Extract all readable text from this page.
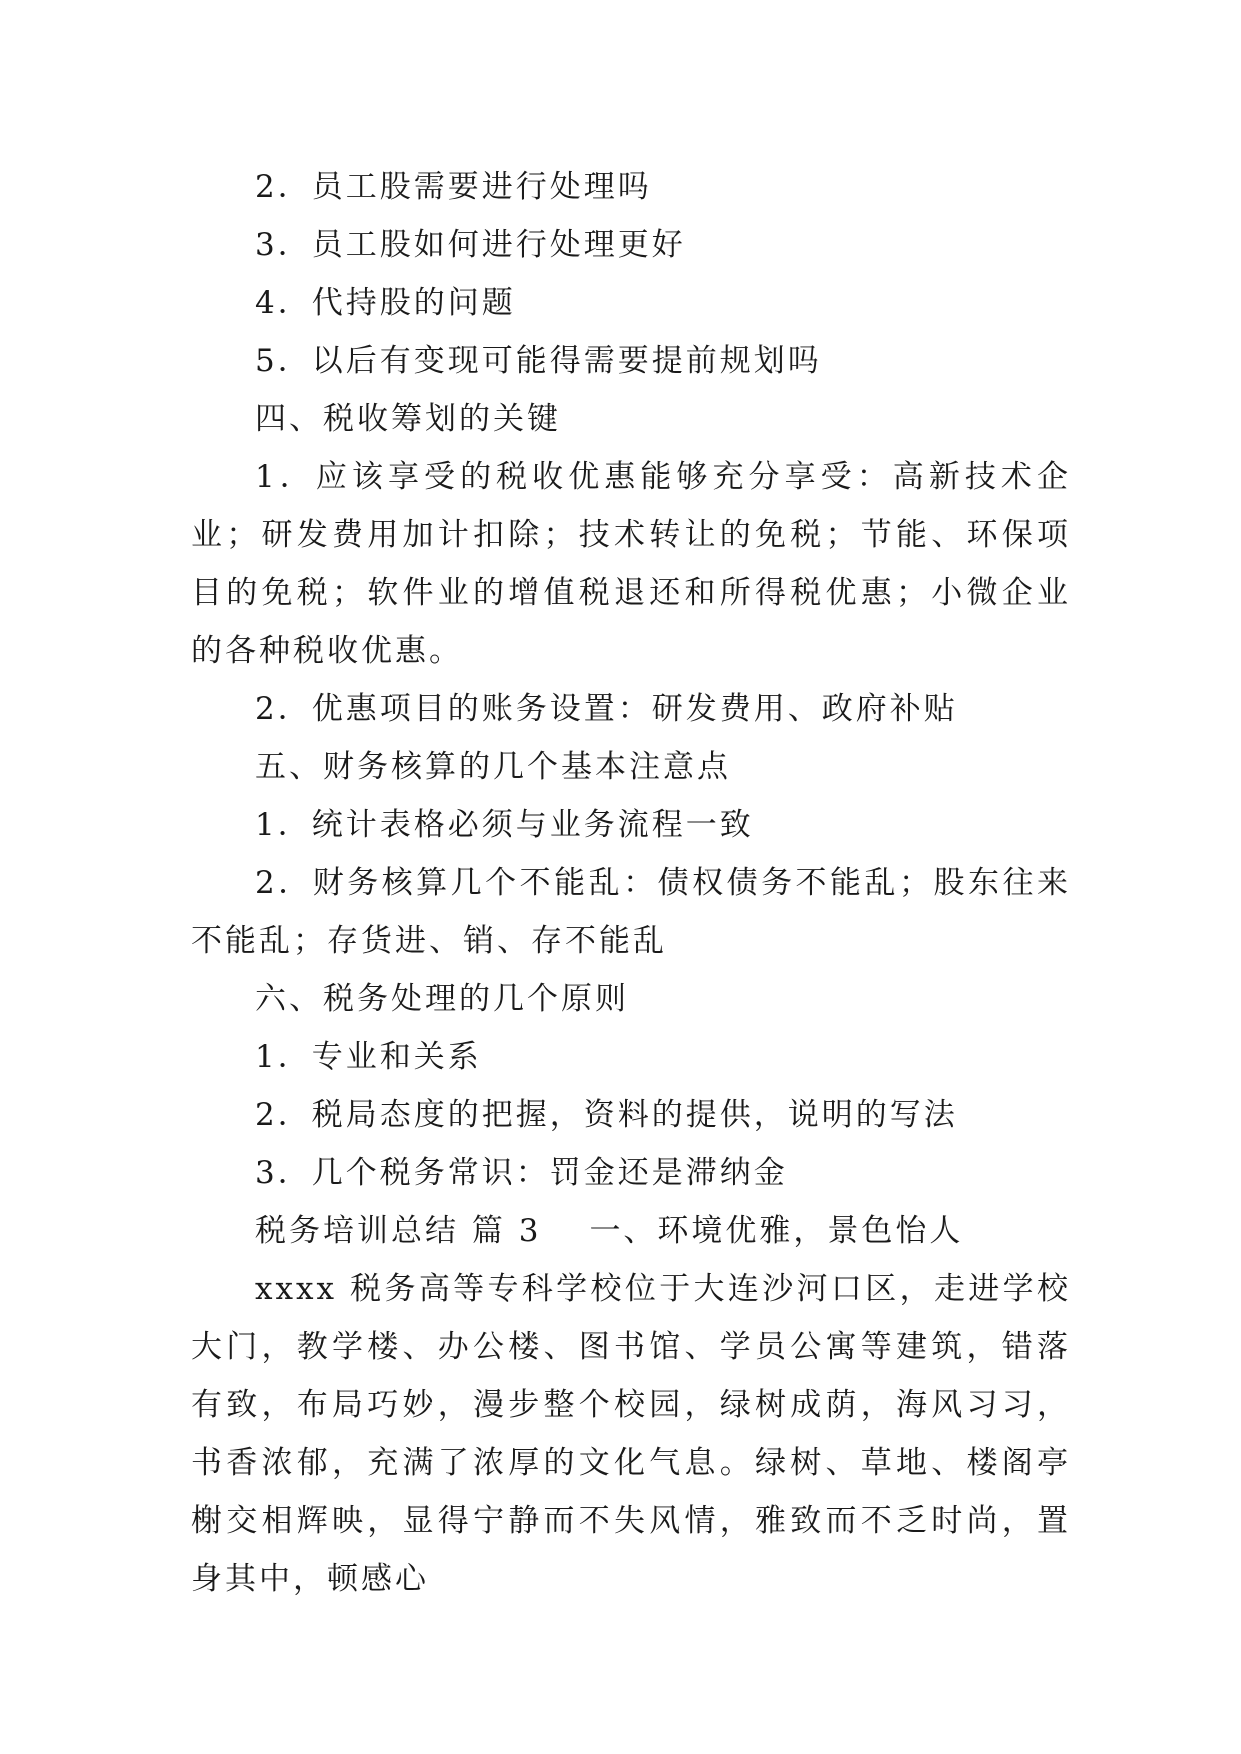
2．员工股需要进行处理吗

3．员工股如何进行处理更好

4．代持股的问题

5．以后有变现可能得需要提前规划吗

四、税收筹划的关键

1．应该享受的税收优惠能够充分享受：高新技术企业；研发费用加计扣除；技术转让的免税；节能、环保项目的免税；软件业的增值税退还和所得税优惠；小微企业的各种税收优惠。

2．优惠项目的账务设置：研发费用、政府补贴

五、财务核算的几个基本注意点

1．统计表格必须与业务流程一致

2．财务核算几个不能乱：债权债务不能乱；股东往来不能乱；存货进、销、存不能乱

六、税务处理的几个原则

1．专业和关系

2．税局态度的把握，资料的提供，说明的写法

3．几个税务常识：罚金还是滞纳金

税务培训总结 篇 3 一、环境优雅，景色怡人

xxxx 税务高等专科学校位于大连沙河口区，走进学校大门，教学楼、办公楼、图书馆、学员公寓等建筑，错落有致，布局巧妙，漫步整个校园，绿树成荫，海风习习，书香浓郁，充满了浓厚的文化气息。绿树、草地、楼阁亭榭交相辉映，显得宁静而不失风情，雅致而不乏时尚，置身其中，顿感心
